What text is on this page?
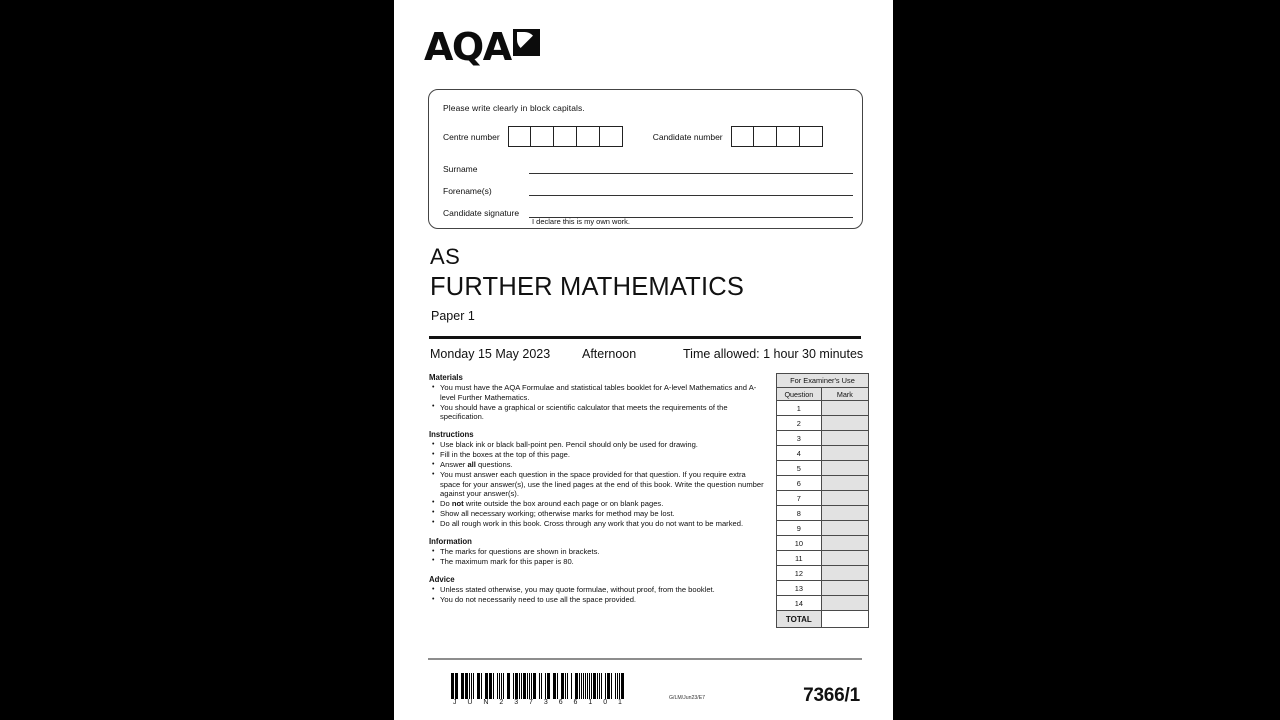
AQA
Please write clearly in block capitals.
Centre number	Candidate number
Surname
Forename(s)
Candidate signature
I declare this is my own work.
AS
FURTHER MATHEMATICS
Paper 1
Monday 15 May 2023	Afternoon	Time allowed: 1 hour 30 minutes
Materials
• You must have the AQA Formulae and statistical tables booklet for A-level Mathematics and A-level Further Mathematics.
• You should have a graphical or scientific calculator that meets the requirements of the specification.
Instructions
• Use black ink or black ball-point pen. Pencil should only be used for drawing.
• Fill in the boxes at the top of this page.
• Answer all questions.
• You must answer each question in the space provided for that question. If you require extra space for your answer(s), use the lined pages at the end of this book. Write the question number against your answer(s).
• Do not write outside the box around each page or on blank pages.
• Show all necessary working; otherwise marks for method may be lost.
• Do all rough work in this book. Cross through any work that you do not want to be marked.
Information
• The marks for questions are shown in brackets.
• The maximum mark for this paper is 80.
Advice
• Unless stated otherwise, you may quote formulae, without proof, from the booklet.
• You do not necessarily need to use all the space provided.
For Examiner's Use	
Question	Mark
1	
2	
3	
4	
5	
6	
7	
8	
9	
10	
11	
12	
13	
14	
TOTAL	
J U N 2 3 7 3 6 6 1 0 1
G/LM/Jun23/E7	7366/1
